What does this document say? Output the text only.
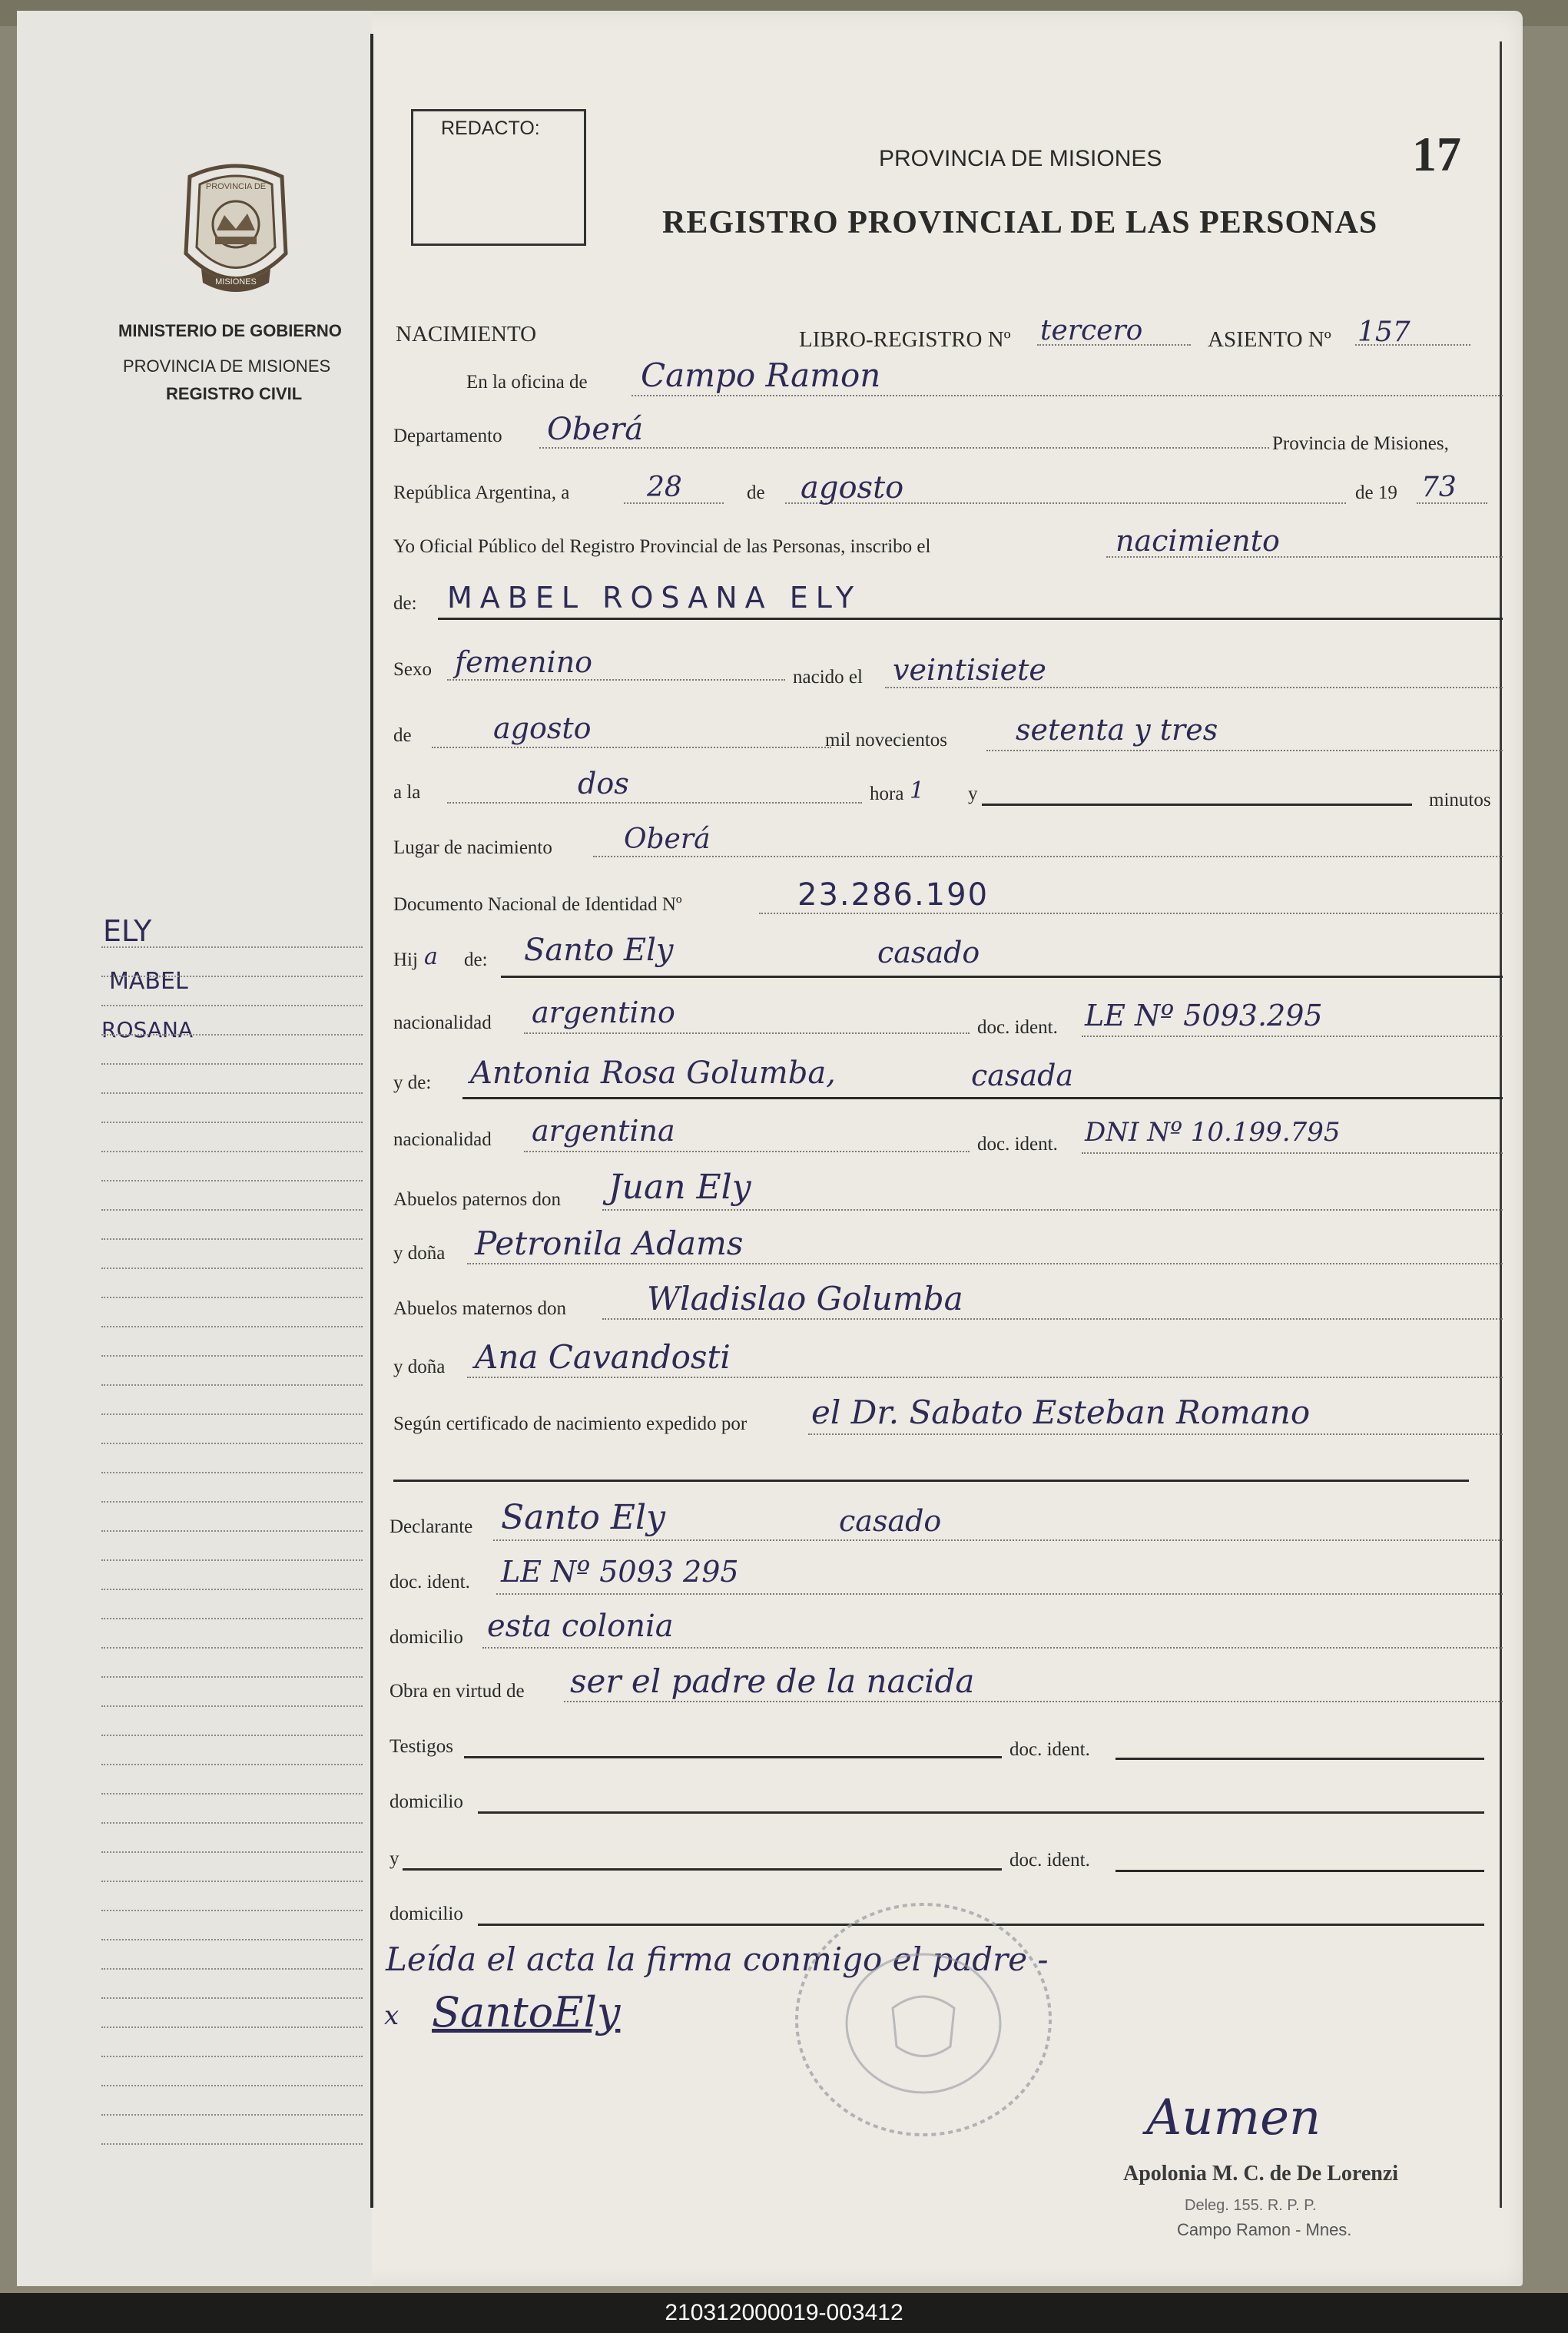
PROVINCIA DE
MISIONES
MINISTERIO DE GOBIERNO
PROVINCIA DE MISIONES
REGISTRO CIVIL
ELY
MABEL
ROSANA
REDACTO:
PROVINCIA DE MISIONES	17
REGISTRO PROVINCIAL DE LAS PERSONAS
NACIMIENTO	LIBRO-REGISTRO Nº tercero	ASIENTO Nº 157
En la oficina de Campo Ramon
Departamento Oberá	Provincia de Misiones,
República Argentina, a	28	de agosto	de 19 73
Yo Oficial Público del Registro Provincial de las Personas, inscribo el	nacimiento
de: MABEL ROSANA ELY
Sexo femenino	nacido el veintisiete
de	agosto	mil novecientos setenta y tres
a la	dos	hora 1 y	minutos
Lugar de nacimiento	Oberá
Documento Nacional de Identidad Nº	23.286.190
Hij a de: Santo Ely	casado
nacionalidad argentino	doc. ident. LE Nº 5093.295
y de: Antonia Rosa Golumba,	casada
nacionalidad argentina	doc. ident. DNI Nº 10.199.795
Abuelos paternos don Juan Ely
y doña Petronila Adams
Abuelos maternos don	Wladislao Golumba
y doña Ana Cavandosti
Según certificado de nacimiento expedido por el Dr. Sabato Esteban Romano
Declarante Santo Ely	casado
doc. ident. LE Nº 5093 295
domicilio esta colonia
Obra en virtud de ser el padre de la nacida
Testigos	doc. ident.
domicilio
y	doc. ident.
domicilio
Leída el acta la firma conmigo el padre -
x SantoEly
Aumen
Apolonia M. C. de De Lorenzi
Deleg. 155. R. P. P.
Campo Ramon - Mnes.
210312000019-003412
